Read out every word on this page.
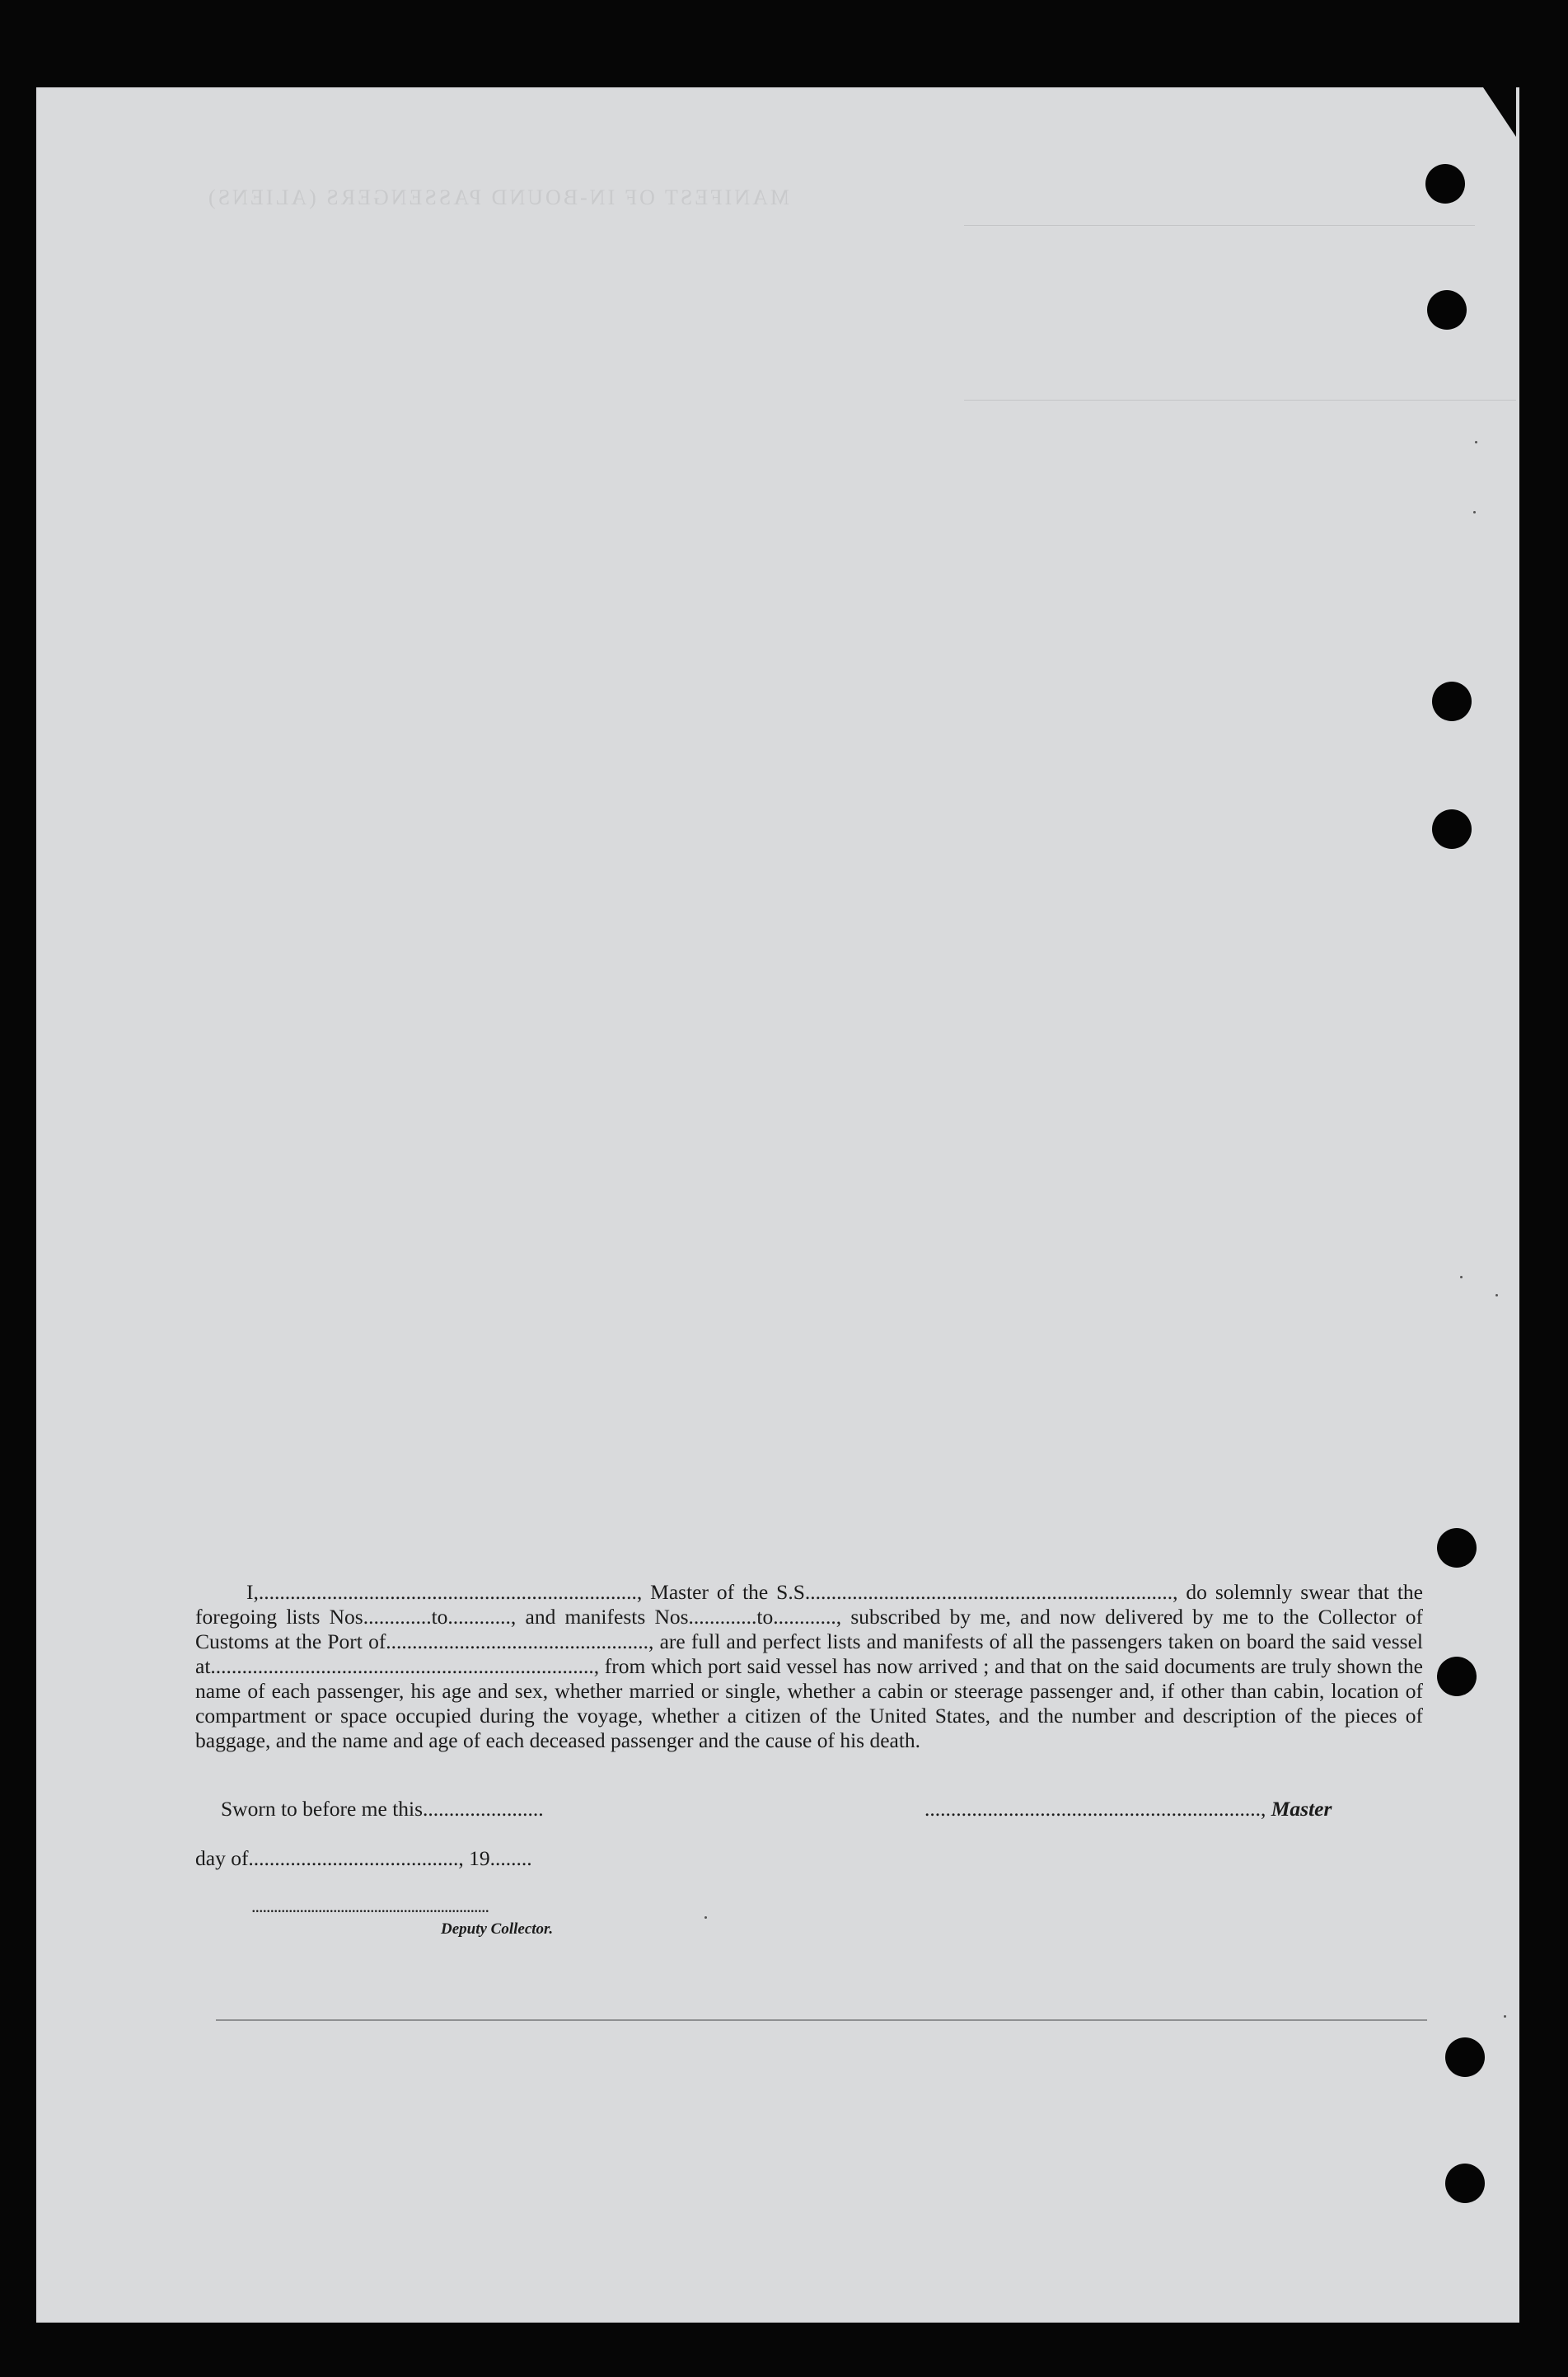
MANIFEST OF IN-BOUND PASSENGERS (ALIENS)

I,........................................................................, Master of the S.S......................................................................, do solemnly swear that the foregoing lists Nos.............to............, and manifests Nos.............to............, subscribed by me, and now delivered by me to the Collector of Customs at the Port of.................................................., are full and perfect lists and manifests of all the passengers taken on board the said vessel at........................................................................., from which port said vessel has now arrived ; and that on the said documents are truly shown the name of each passenger, his age and sex, whether married or single, whether a cabin or steerage passenger and, if other than cabin, location of compartment or space occupied during the voyage, whether a citizen of the United States, and the number and description of the pieces of baggage, and the name and age of each deceased passenger and the cause of his death.

Sworn to before me this.......................	................................................................, Master
day of........................................, 19........
................................................................
Deputy Collector.
